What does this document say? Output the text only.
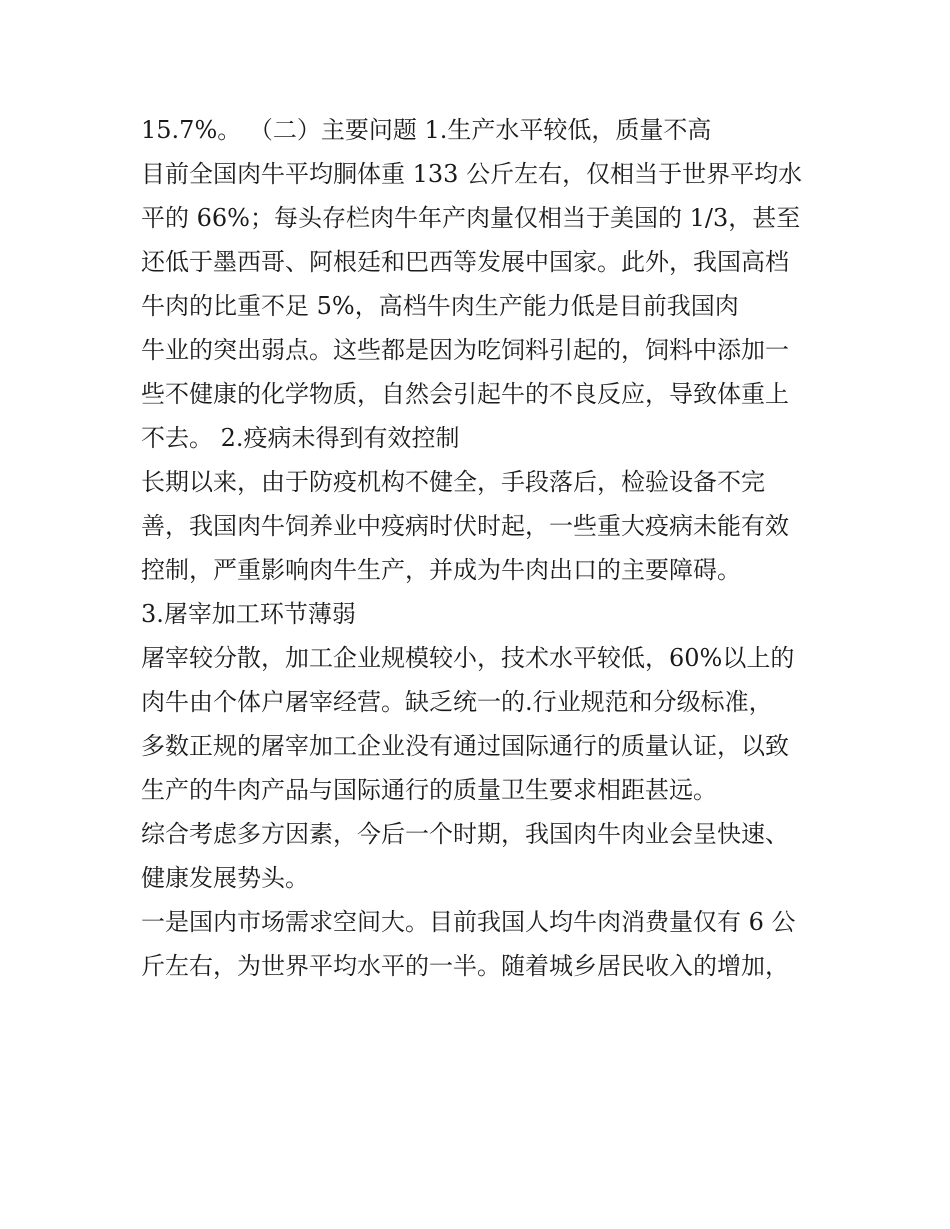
15.7%。 （二）主要问题 1.生产水平较低，质量不高
目前全国肉牛平均胴体重 133 公斤左右，仅相当于世界平均水
平的 66%；每头存栏肉牛年产肉量仅相当于美国的 1/3，甚至
还低于墨西哥、阿根廷和巴西等发展中国家。此外，我国高档
牛肉的比重不足 5%，高档牛肉生产能力低是目前我国肉
牛业的突出弱点。这些都是因为吃饲料引起的，饲料中添加一
些不健康的化学物质，自然会引起牛的不良反应，导致体重上
不去。 2.疫病未得到有效控制
长期以来，由于防疫机构不健全，手段落后，检验设备不完
善，我国肉牛饲养业中疫病时伏时起，一些重大疫病未能有效
控制，严重影响肉牛生产，并成为牛肉出口的主要障碍。
3.屠宰加工环节薄弱
屠宰较分散，加工企业规模较小，技术水平较低，60%以上的
肉牛由个体户屠宰经营。缺乏统一的.行业规范和分级标准，
多数正规的屠宰加工企业没有通过国际通行的质量认证，以致
生产的牛肉产品与国际通行的质量卫生要求相距甚远。
综合考虑多方因素，今后一个时期，我国肉牛肉业会呈快速、
健康发展势头。
一是国内市场需求空间大。目前我国人均牛肉消费量仅有 6 公
斤左右，为世界平均水平的一半。随着城乡居民收入的增加，
